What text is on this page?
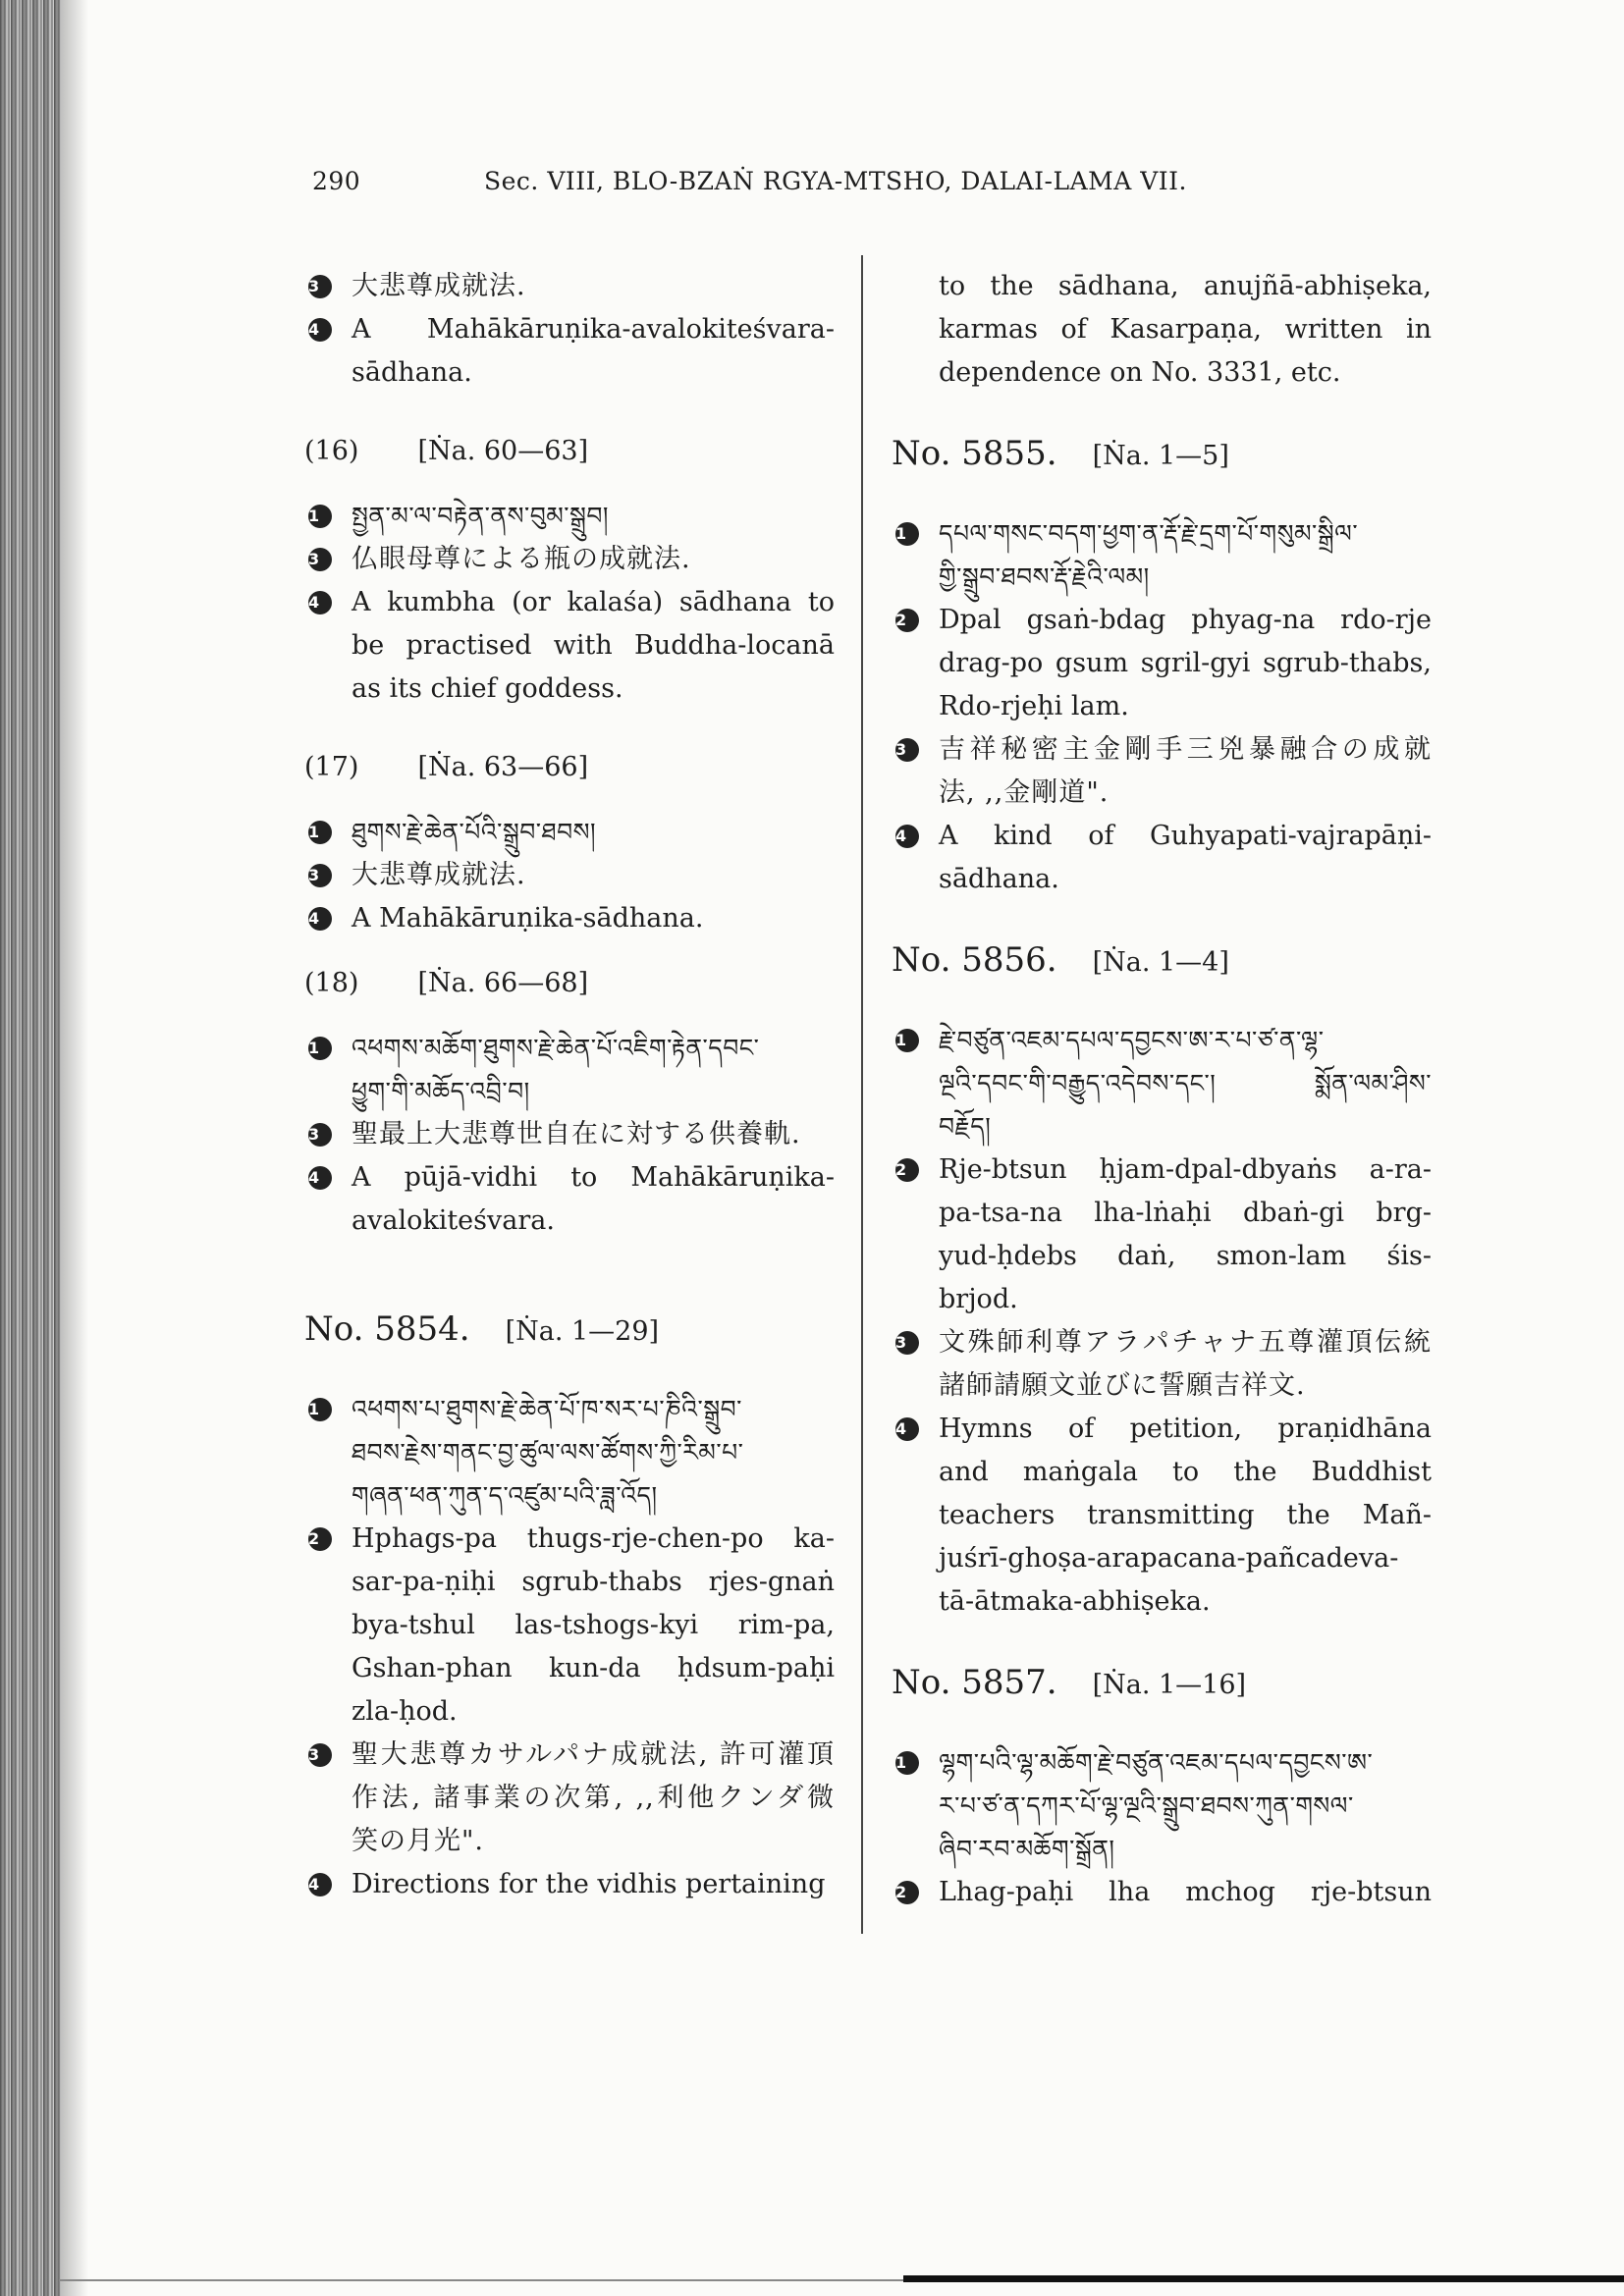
290	Sec. VIII, BLO-BZAṄ RGYA-MTSHO, DALAI-LAMA VII.
3	大悲尊成就法.
4	A Mahākāruṇika-avalokiteśvara-
sādhana.
(16) [Ṅa. 60—63]
1	སྤྱན་མ་ལ་བརྟེན་ནས་བུམ་སྒྲུབ།
3	仏眼母尊による瓶の成就法.
4	A kumbha (or kalaśa) sādhana to
be practised with Buddha-locanā
as its chief goddess.
(17) [Ṅa. 63—66]
1	ཐུགས་རྗེ་ཆེན་པོའི་སྒྲུབ་ཐབས།
3	大悲尊成就法.
4	A Mahākāruṇika-sādhana.
(18) [Ṅa. 66—68]
1	འཕགས་མཆོག་ཐུགས་རྗེ་ཆེན་པོ་འཇིག་རྟེན་དབང་
ཕྱུག་གི་མཆོད་འབྲི་བ།
3	聖最上大悲尊世自在に対する供養軌.
4	A pūjā-vidhi to Mahākāruṇika-
avalokiteśvara.
No. 5854. [Ṅa. 1—29]
1	འཕགས་པ་ཐུགས་རྗེ་ཆེན་པོ་ཁ་སར་པ་ཎིའི་སྒྲུབ་
ཐབས་རྗེས་གནང་བྱ་ཚུལ་ལས་ཚོགས་ཀྱི་རིམ་པ་
གཞན་ཕན་ཀུན་ད་འཛུམ་པའི་ཟླ་འོད།
2	Hphags-pa thugs-rje-chen-po ka-
sar-pa-ṇiḥi sgrub-thabs rjes-gnaṅ
bya-tshul las-tshogs-kyi rim-pa,
Gshan-phan kun-da ḥdsum-paḥi
zla-ḥod.
3	聖大悲尊カサルパナ成就法, 許可灌頂
作法, 諸事業の次第, ,,利他クンダ微
笑の月光".
4	Directions for the vidhis pertaining
to the sādhana, anujñā-abhiṣeka,
karmas of Kasarpaṇa, written in
dependence on No. 3331, etc.
No. 5855. [Ṅa. 1—5]
1	དཔལ་གསང་བདག་ཕྱག་ན་རྡོ་རྗེ་དྲག་པོ་གསུམ་སྒྲིལ་
གྱི་སྒྲུབ་ཐབས་རྡོ་རྗེའི་ལམ།
2	Dpal gsaṅ-bdag phyag-na rdo-rje
drag-po gsum sgril-gyi sgrub-thabs,
Rdo-rjeḥi lam.
3	吉祥秘密主金剛手三兇暴融合の成就
法, ,,金剛道".
4	A kind of Guhyapati-vajrapāṇi-
sādhana.
No. 5856. [Ṅa. 1—4]
1	རྗེ་བཙུན་འཇམ་དཔལ་དབྱངས་ཨ་ར་པ་ཙ་ན་ལྷ་
ལྔའི་དབང་གི་བརྒྱུད་འདེབས་དང་། སྨོན་ལམ་ཤིས་
བརྗོད།
2	Rje-btsun ḥjam-dpal-dbyaṅs a-ra-
pa-tsa-na lha-lṅaḥi dbaṅ-gi brg-
yud-ḥdebs daṅ, smon-lam śis-
brjod.
3	文殊師利尊アラパチャナ五尊灌頂伝統
諸師請願文並びに誓願吉祥文.
4	Hymns of petition, praṇidhāna
and maṅgala to the Buddhist
teachers transmitting the Mañ-
juśrī-ghoṣa-arapacana-pañcadeva-
tā-ātmaka-abhiṣeka.
No. 5857. [Ṅa. 1—16]
1	ལྷག་པའི་ལྷ་མཆོག་རྗེ་བཙུན་འཇམ་དཔལ་དབྱངས་ཨ་
ར་པ་ཙ་ན་དཀར་པོ་ལྷ་ལྔའི་སྒྲུབ་ཐབས་ཀུན་གསལ་
ཞིབ་རབ་མཆོག་སྒྲོན།
2	Lhag-paḥi lha mchog rje-btsun
